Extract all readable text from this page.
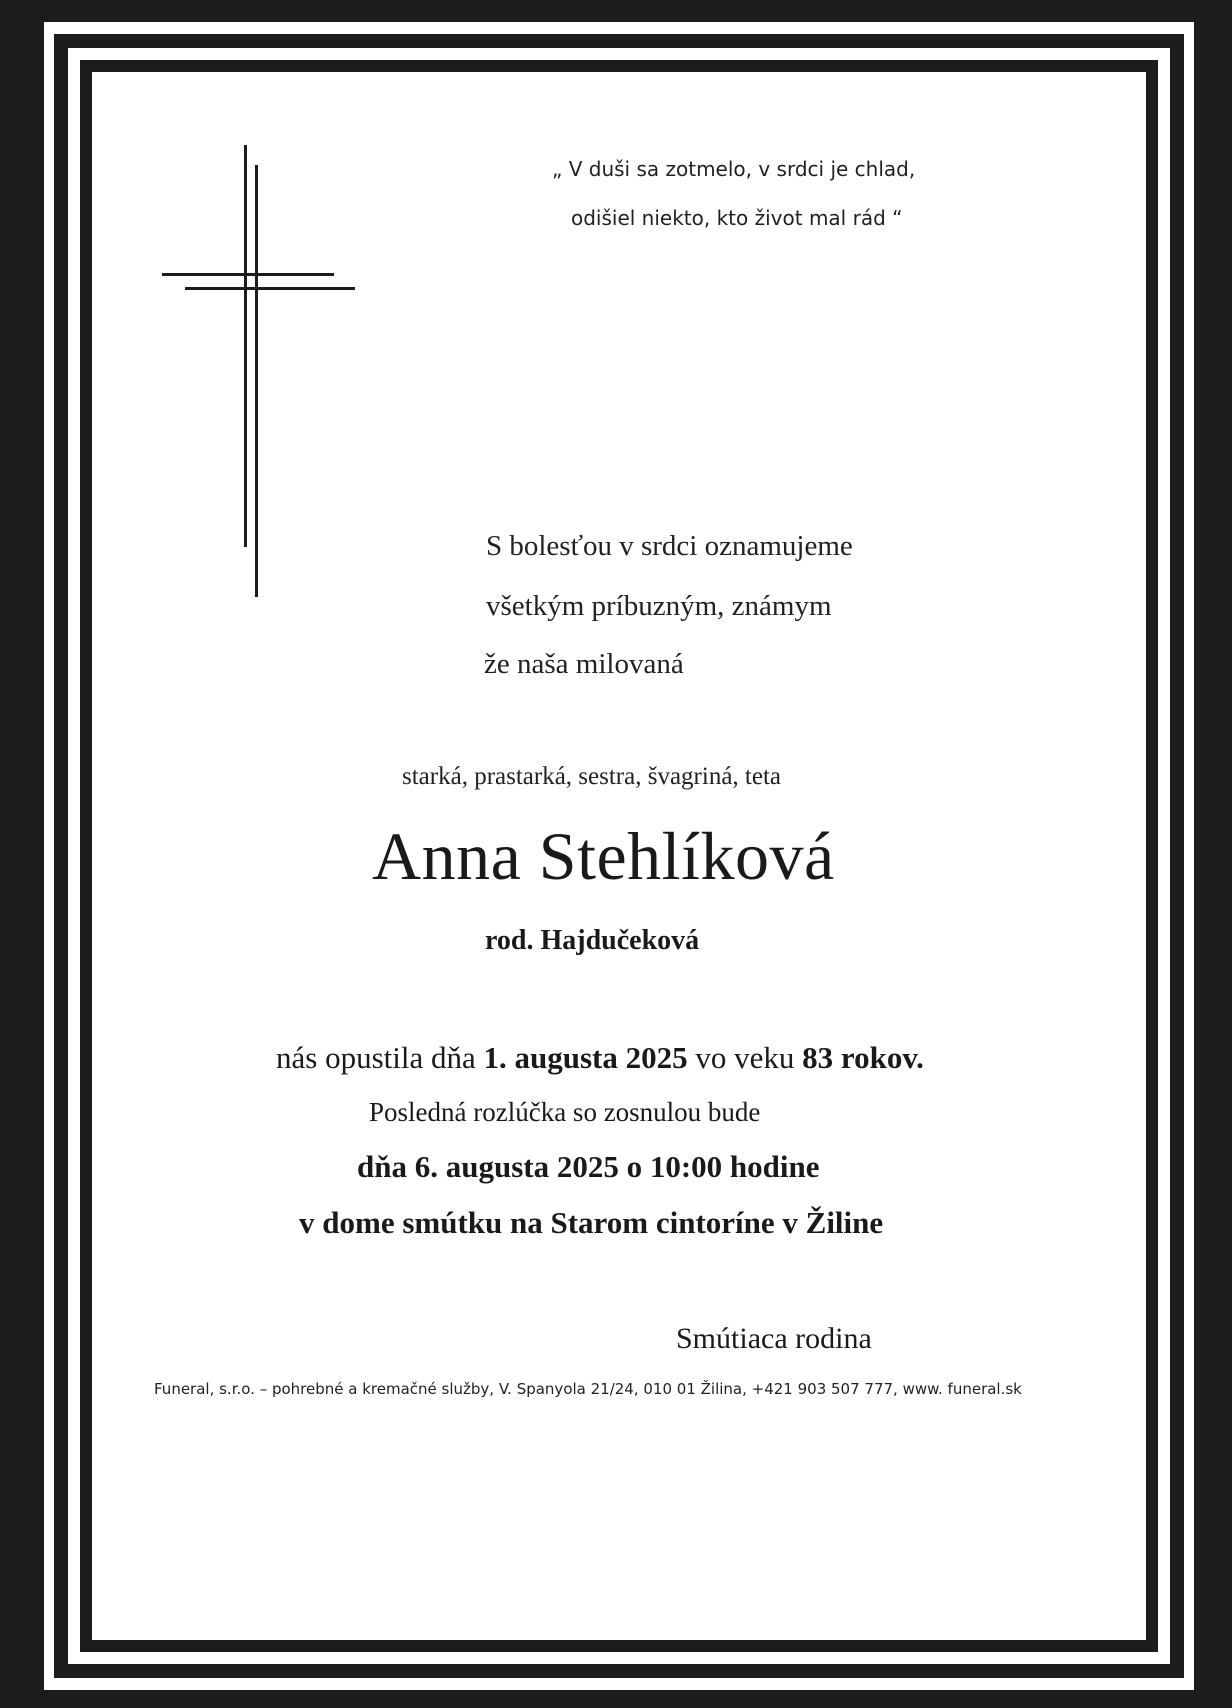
„ V duši sa zotmelo, v srdci je chlad,

odišiel niekto, kto život mal rád “

S bolesťou v srdci oznamujeme

všetkým príbuzným, známym

že naša milovaná

starká, prastarká, sestra, švagriná, teta

Anna Stehlíková

rod. Hajdučeková

nás opustila dňa 1. augusta 2025 vo veku 83 rokov.

Posledná rozlúčka so zosnulou bude

dňa 6. augusta 2025 o 10:00 hodine

v dome smútku na Starom cintoríne v Žiline

Smútiaca rodina

Funeral, s.r.o. – pohrebné a kremačné služby, V. Spanyola 21/24, 010 01 Žilina, +421 903 507 777, www. funeral.sk
